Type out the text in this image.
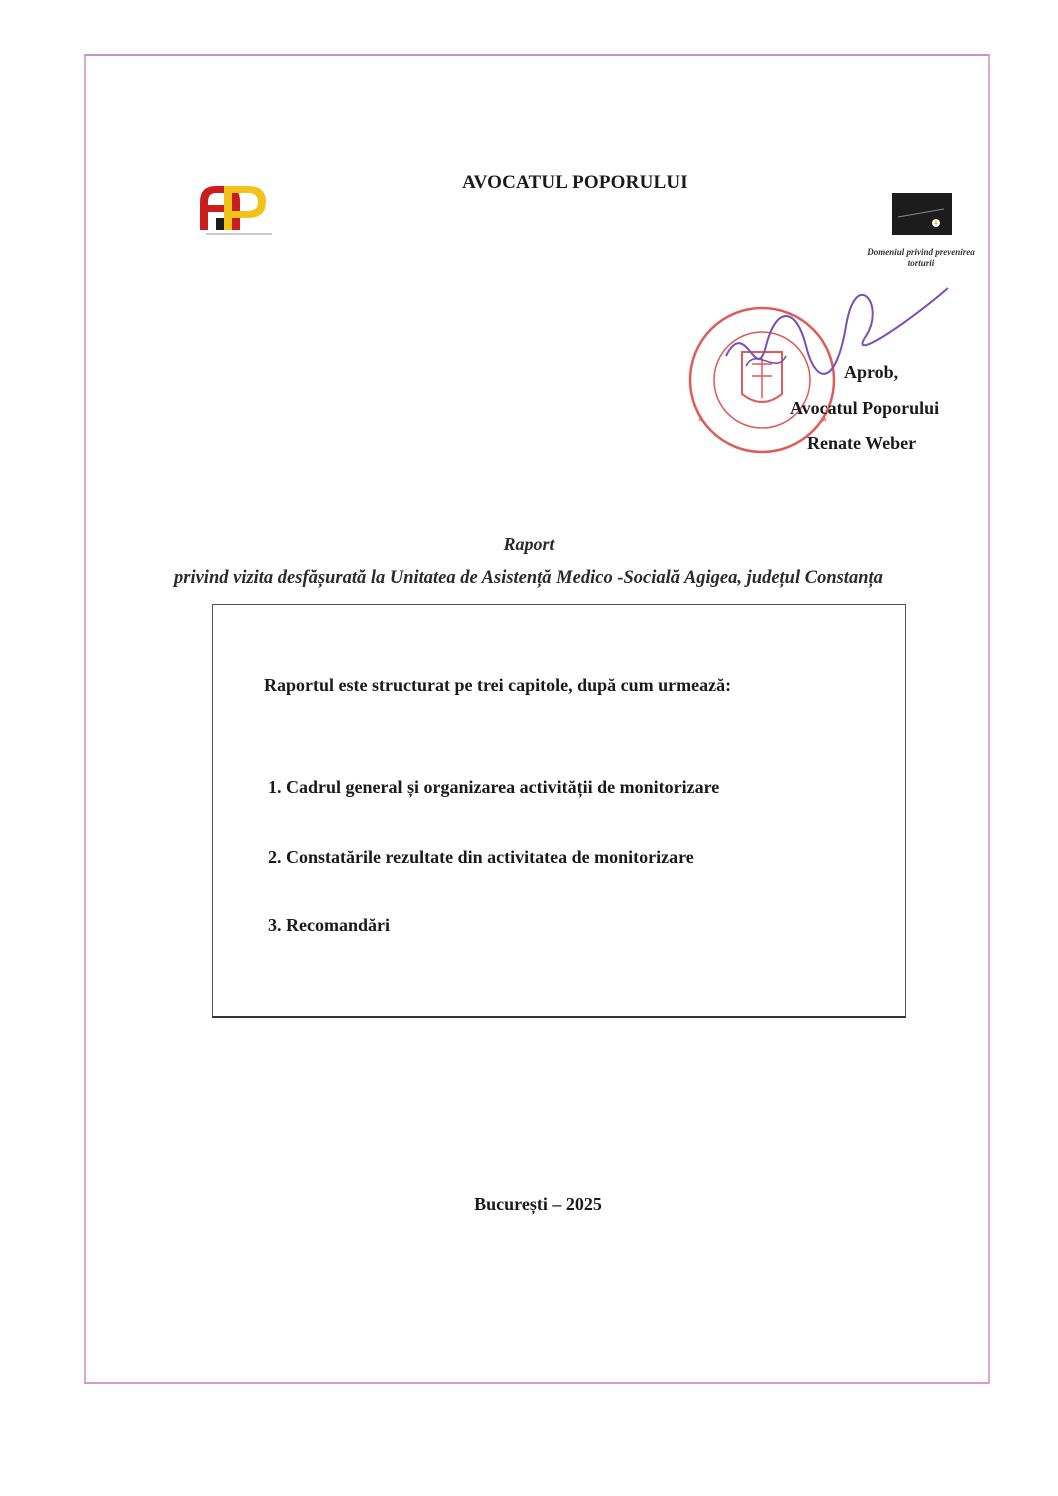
AVOCATUL POPORULUI
Domeniul privind prevenirea torturii
*	*
Aprob,
Avocatul Poporului
Renate Weber
Raport
privind vizita desfășurată la Unitatea de Asistență Medico -Socială Agigea, județul Constanța
Raportul este structurat pe trei capitole, după cum urmează:
1. Cadrul general și organizarea activității de monitorizare
2. Constatările rezultate din activitatea de monitorizare
3. Recomandări
București – 2025
